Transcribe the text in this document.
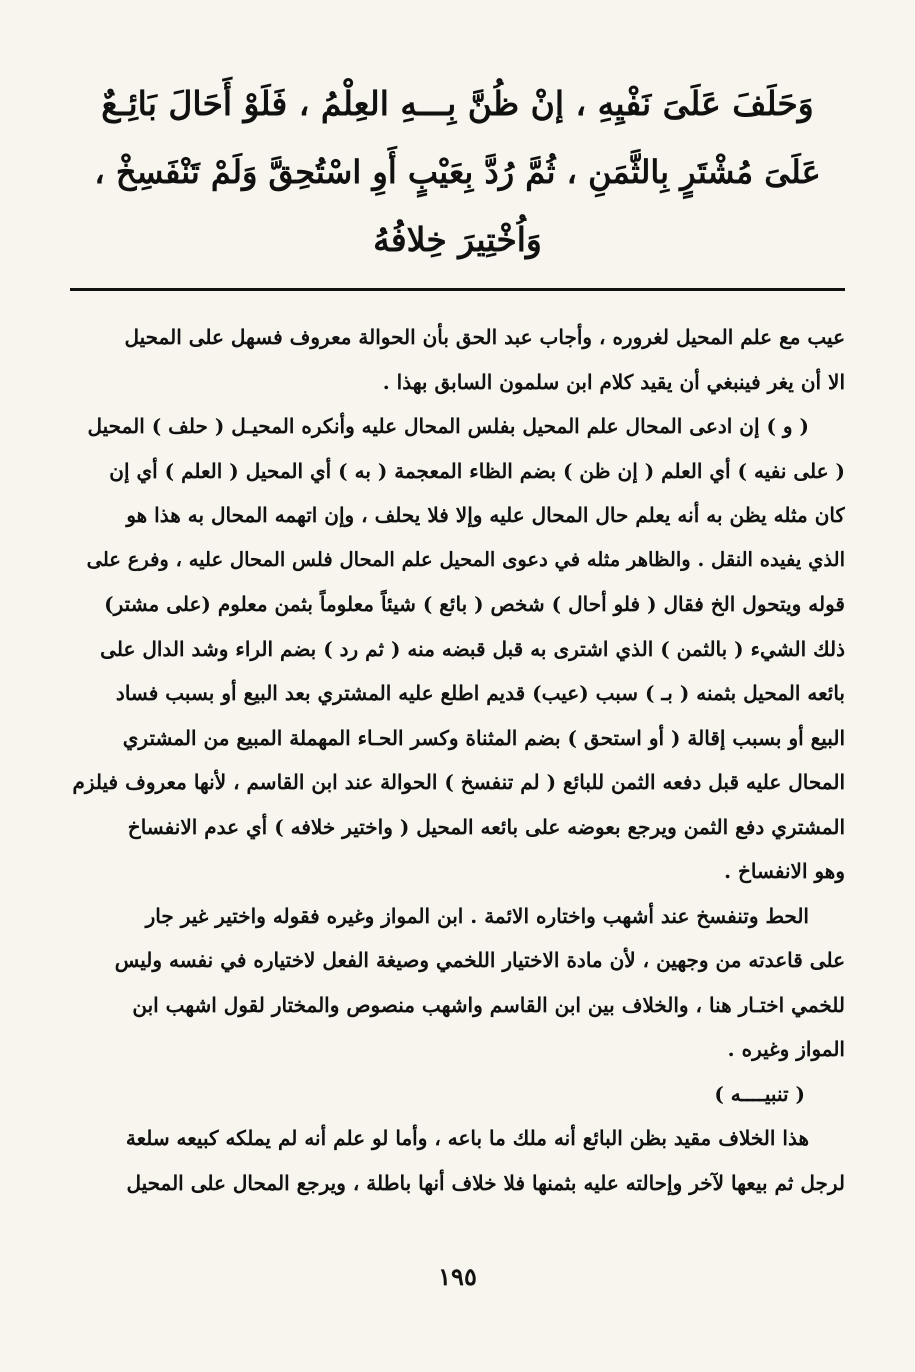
وَحَلَفَ عَلَىَ نَفْيِهِ ، إنْ ظُنَّ بِـــهِ العِلْمُ ، فَلَوْ أَحَالَ بَائِـعٌ
عَلَىَ مُشْتَرٍ بِالثَّمَنِ ، ثُمَّ رُدَّ بِعَيْبٍ أَوِ اسْتُحِقَّ وَلَمْ تَنْفَسِخْ ،
وَاُخْتِيرَ خِلافُهُ
عيب مع علم المحيل لغروره ، وأجاب عبد الحق بأن الحوالة معروف فسهل على المحيل
الا أن يغر فينبغي أن يقيد كلام ابن سلمون السابق بهذا .
( و ) إن ادعى المحال علم المحيل بفلس المحال عليه وأنكره المحيـل ( حلف ) المحيل
( على نفيه ) أي العلم ( إن ظن ) بضم الظاء المعجمة ( به ) أي المحيل ( العلم ) أي إن
كان مثله يظن به أنه يعلم حال المحال عليه وإلا فلا يحلف ، وإن اتهمه المحال به هذا هو
الذي يفيده النقل . والظاهر مثله في دعوى المحيل علم المحال فلس المحال عليه ، وفرع على
قوله ويتحول الخ فقال ( فلو أحال ) شخص ( بائع ) شيئاً معلوماً بثمن معلوم (على مشتر)
ذلك الشيء ( بالثمن ) الذي اشترى به قبل قبضه منه ( ثم رد ) بضم الراء وشد الدال على
بائعه المحيل بثمنه ( بـ ) سبب (عيب) قديم اطلع عليه المشتري بعد البيع أو بسبب فساد
البيع أو بسبب إقالة ( أو استحق ) بضم المثناة وكسر الحـاء المهملة المبيع من المشتري
المحال عليه قبل دفعه الثمن للبائع ( لم تنفسخ ) الحوالة عند ابن القاسم ، لأنها معروف فيلزم
المشتري دفع الثمن ويرجع بعوضه على بائعه المحيل ( واختير خلافه ) أي عدم الانفساخ
وهو الانفساخ .
الحط وتنفسخ عند أشهب واختاره الائمة . ابن المواز وغيره فقوله واختير غير جار
على قاعدته من وجهين ، لأن مادة الاختيار اللخمي وصيغة الفعل لاختياره في نفسه وليس
للخمي اختـار هنا ، والخلاف بين ابن القاسم واشهب منصوص والمختار لقول اشهب ابن
المواز وغيره .
( تنبيــــه )
هذا الخلاف مقيد بظن البائع أنه ملك ما باعه ، وأما لو علم أنه لم يملكه كبيعه سلعة
لرجل ثم بيعها لآخر وإحالته عليه بثمنها فلا خلاف أنها باطلة ، ويرجع المحال على المحيل
١٩٥
